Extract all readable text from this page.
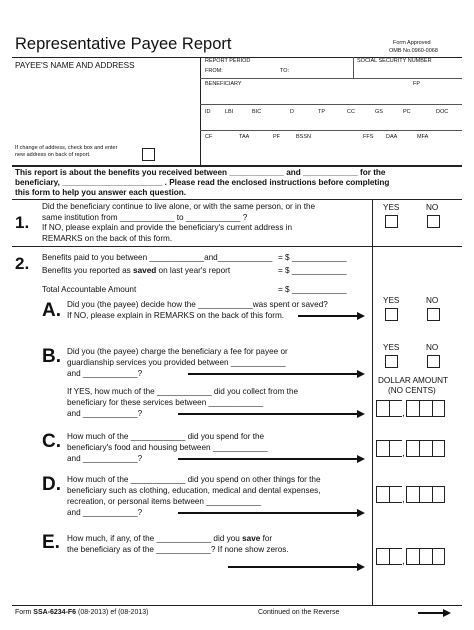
Representative Payee Report	Form Approved
OMB No.0960-0068
PAYEE'S NAME AND ADDRESS	REPORT PERIOD
FROM:	TO:
SOCIAL SECURITY NUMBER
BENEFICIARY	FP
ID	LBI	BIC	D	TP	CC	GS	PC	DOC
CF	TAA	PF	BSSN	FFS DAA	MFA
If change of address, check box and enter
new address on back of report.
This report is about the benefits you received between ____________ and ____________ for the
beneficiary, ______________________ . Please read the enclosed instructions before completing
this form to help you answer each question.
1.
Did the beneficiary continue to live alone, or with the same person, or in the
same institution from ____________ to ____________ ?
If NO, please explain and provide the beneficiary's current address in
REMARKS on the back of this form.
YES	NO
2. Benefits paid to you between ____________and____________ = $ ____________
Benefits you reported as saved on last year's report	= $ ____________
Total Accountable Amount	= $ ____________
A. Did you (the payee) decide how the ____________was spent or saved?
If NO, please explain in REMARKS on the back of this form.
YES	NO
B. Did you (the payee) charge the beneficiary a fee for payee or
guardianship services you provided between ____________
and ____________?
YES	NO
DOLLAR AMOUNT
(NO CENTS)
If YES, how much of the ____________ did you collect from the
beneficiary for these services between ____________
and ____________?
,
C. How much of the ____________ did you spend for the
beneficiary's food and housing between ____________
and ____________?
,
D. How much of the ____________ did you spend on other things for the
beneficiary such as clothing, education, medical and dental expenses,
recreation, or personal items between ____________
and ____________?
,
E. How much, if any, of the ____________ did you save for
the beneficiary as of the ____________? If none show zeros.
,
Form SSA-6234-F6 (08-2013) ef (08-2013)	Continued on the Reverse
